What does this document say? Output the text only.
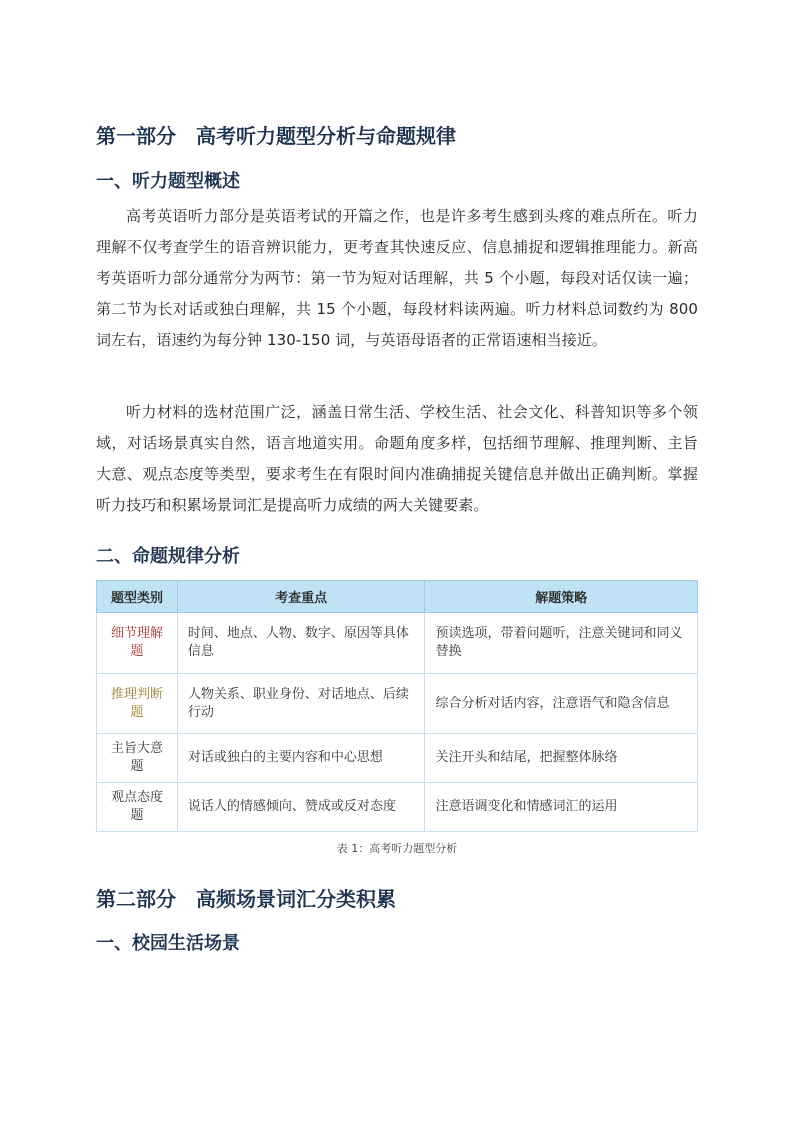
第一部分　高考听力题型分析与命题规律
一、听力题型概述
高考英语听力部分是英语考试的开篇之作，也是许多考生感到头疼的难点所在。听力理解不仅考查学生的语音辨识能力，更考查其快速反应、信息捕捉和逻辑推理能力。新高考英语听力部分通常分为两节：第一节为短对话理解，共 5 个小题，每段对话仅读一遍；第二节为长对话或独白理解，共 15 个小题，每段材料读两遍。听力材料总词数约为 800 词左右，语速约为每分钟 130-150 词，与英语母语者的正常语速相当接近。
听力材料的选材范围广泛，涵盖日常生活、学校生活、社会文化、科普知识等多个领域，对话场景真实自然，语言地道实用。命题角度多样，包括细节理解、推理判断、主旨大意、观点态度等类型，要求考生在有限时间内准确捕捉关键信息并做出正确判断。掌握听力技巧和积累场景词汇是提高听力成绩的两大关键要素。
二、命题规律分析
题型类别	考查重点	解题策略
细节理解题	时间、地点、人物、数字、原因等具体信息	预读选项，带着问题听，注意关键词和同义替换
推理判断题	人物关系、职业身份、对话地点、后续行动	综合分析对话内容，注意语气和隐含信息
主旨大意题	对话或独白的主要内容和中心思想	关注开头和结尾，把握整体脉络
观点态度题	说话人的情感倾向、赞成或反对态度	注意语调变化和情感词汇的运用
表 1：高考听力题型分析
第二部分　高频场景词汇分类积累
一、校园生活场景
